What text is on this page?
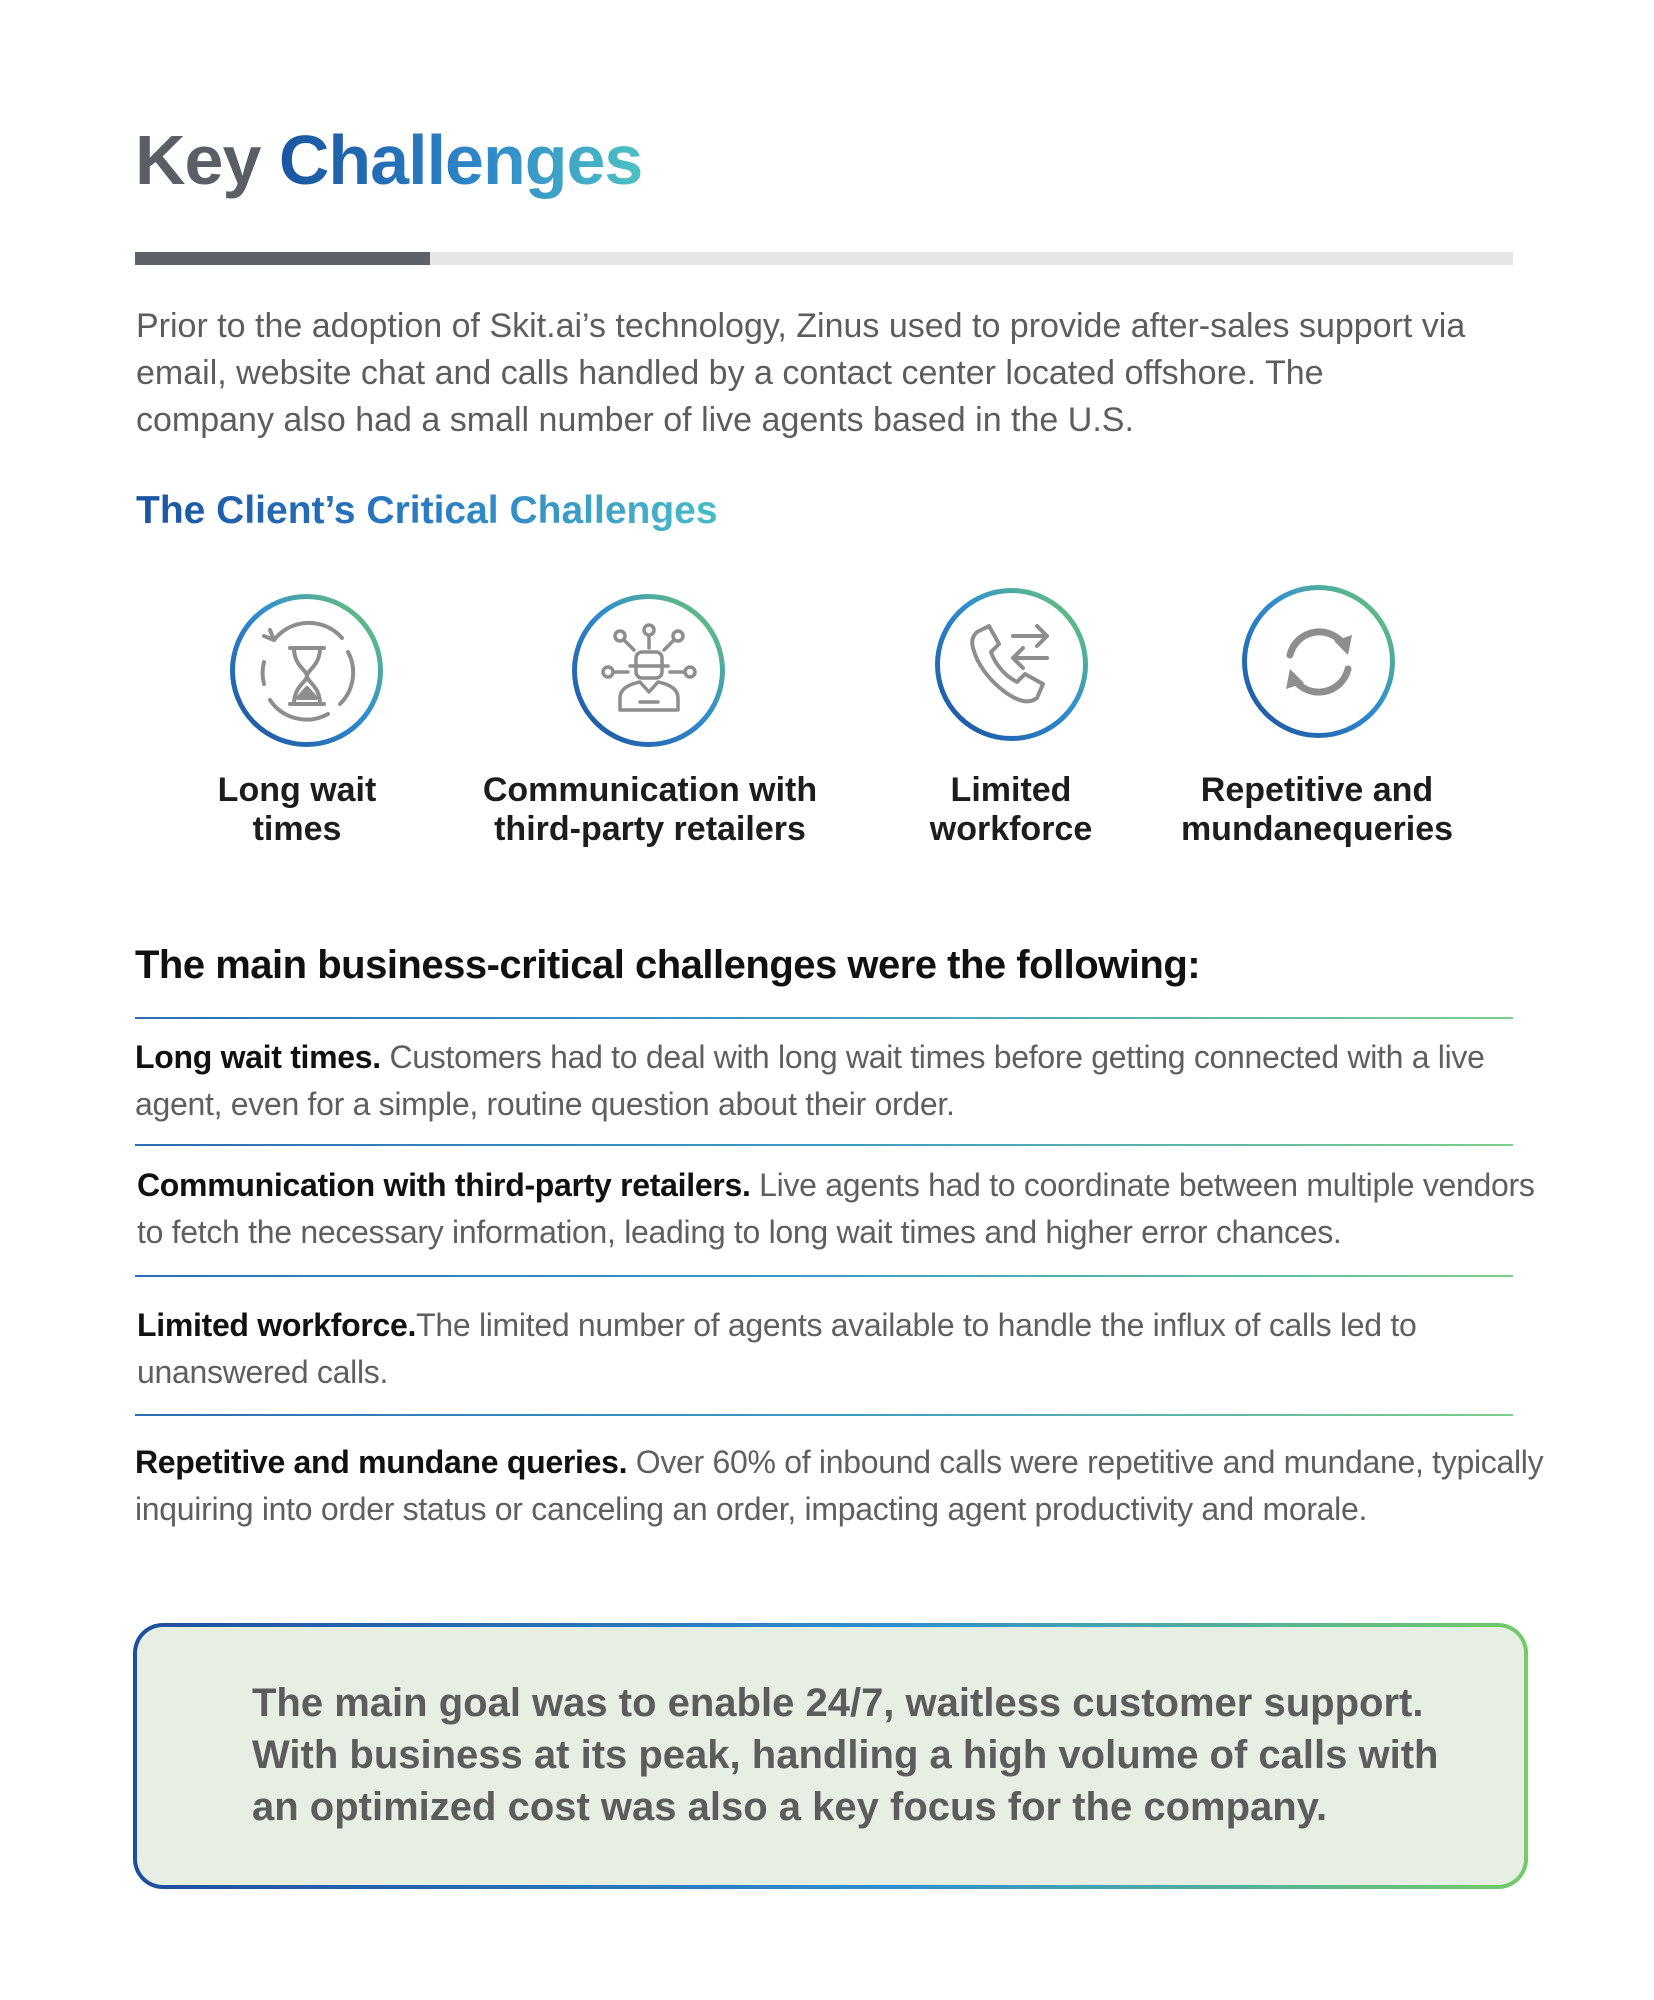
Key Challenges

Prior to the adoption of Skit.ai’s technology, Zinus used to provide after-sales support via email, website chat and calls handled by a contact center located offshore. The company also had a small number of live agents based in the U.S.

The Client’s Critical Challenges
Long wait
times
Communication with
third-party retailers
Limited
workforce
Repetitive and
mundanequeries
The main business-critical challenges were the following:

Long wait times. Customers had to deal with long wait times before getting connected with a live agent, even for a simple, routine question about their order.

Communication with third-party retailers. Live agents had to coordinate between multiple vendors to fetch the necessary information, leading to long wait times and higher error chances.

Limited workforce.The limited number of agents available to handle the influx of calls led to unanswered calls.

Repetitive and mundane queries. Over 60% of inbound calls were repetitive and mundane, typically inquiring into order status or canceling an order, impacting agent productivity and morale.

The main goal was to enable 24/7, waitless customer support. With business at its peak, handling a high volume of calls with an optimized cost was also a key focus for the company.
